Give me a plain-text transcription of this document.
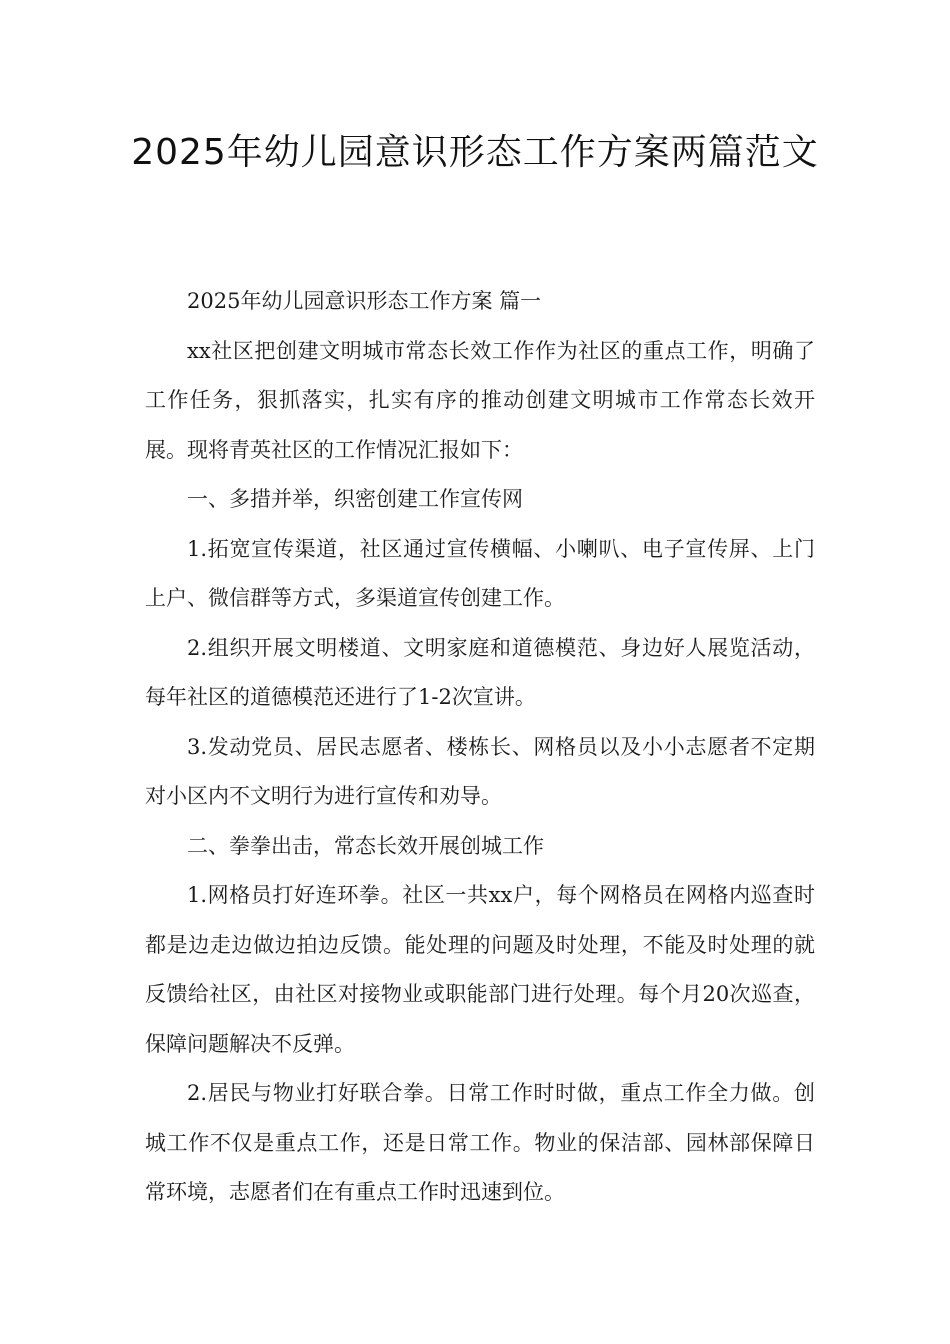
2025年幼儿园意识形态工作方案两篇范文

2025年幼儿园意识形态工作方案 篇一

xx社区把创建文明城市常态长效工作作为社区的重点工作，明确了工作任务，狠抓落实，扎实有序的推动创建文明城市工作常态长效开展。现将青英社区的工作情况汇报如下：

一、多措并举，织密创建工作宣传网

1.拓宽宣传渠道，社区通过宣传横幅、小喇叭、电子宣传屏、上门上户、微信群等方式，多渠道宣传创建工作。

2.组织开展文明楼道、文明家庭和道德模范、身边好人展览活动，每年社区的道德模范还进行了1-2次宣讲。

3.发动党员、居民志愿者、楼栋长、网格员以及小小志愿者不定期对小区内不文明行为进行宣传和劝导。

二、拳拳出击，常态长效开展创城工作

1.网格员打好连环拳。社区一共xx户，每个网格员在网格内巡查时都是边走边做边拍边反馈。能处理的问题及时处理，不能及时处理的就反馈给社区，由社区对接物业或职能部门进行处理。每个月20次巡查，保障问题解决不反弹。

2.居民与物业打好联合拳。日常工作时时做，重点工作全力做。创城工作不仅是重点工作，还是日常工作。物业的保洁部、园林部保障日常环境，志愿者们在有重点工作时迅速到位。
